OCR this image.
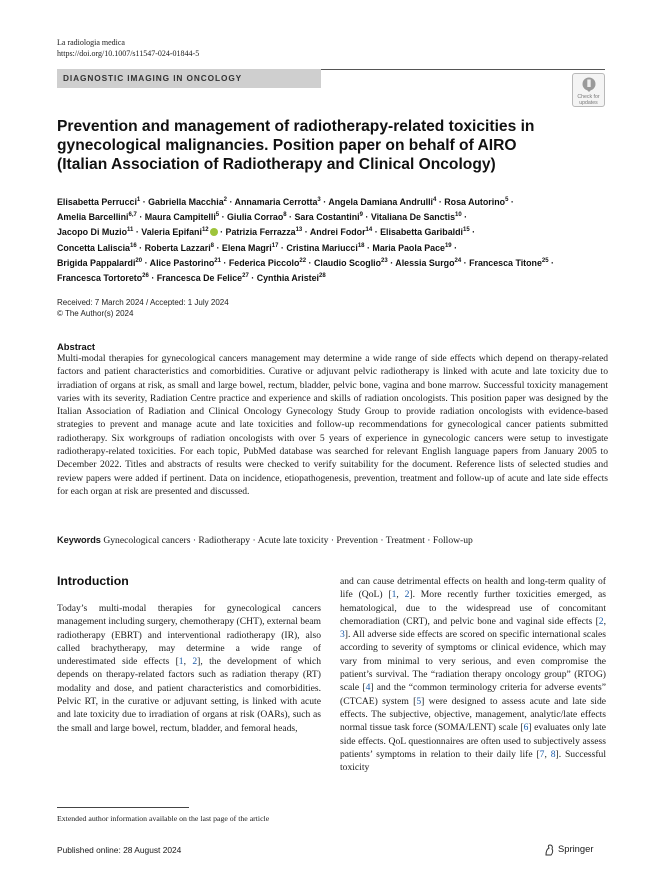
La radiologia medica
https://doi.org/10.1007/s11547-024-01844-5
DIAGNOSTIC IMAGING IN ONCOLOGY
Check for
updates
Prevention and management of radiotherapy-related toxicities in gynecological malignancies. Position paper on behalf of AIRO (Italian Association of Radiotherapy and Clinical Oncology)
Elisabetta Perrucci$^1$ · Gabriella Macchia$^2$ · Annamaria Cerrotta$^3$ · Angela Damiana Andrulli$^4$ · Rosa Autorino$^5$ ·
Amelia Barcellini$^{6,7}$ · Maura Campitelli$^5$ · Giulia Corrao$^8$ · Sara Costantini$^9$ · Vitaliana De Sanctis$^{10}$ ·
Jacopo Di Muzio$^{11}$ · Valeria Epifani$^{12}$ · Patrizia Ferrazza$^{13}$ · Andrei Fodor$^{14}$ · Elisabetta Garibaldi$^{15}$ ·
Concetta Laliscia$^{16}$ · Roberta Lazzari$^8$ · Elena Magri$^{17}$ · Cristina Mariucci$^{18}$ · Maria Paola Pace$^{19}$ ·
Brigida Pappalardi$^{20}$ · Alice Pastorino$^{21}$ · Federica Piccolo$^{22}$ · Claudio Scoglio$^{23}$ · Alessia Surgo$^{24}$ · Francesca Titone$^{25}$ ·
Francesca Tortoreto$^{26}$ · Francesca De Felice$^{27}$ · Cynthia Aristei$^{28}$
Received: 7 March 2024 / Accepted: 1 July 2024
© The Author(s) 2024
Abstract

Multi-modal therapies for gynecological cancers management may determine a wide range of side effects which depend on therapy-related factors and patient characteristics and comorbidities. Curative or adjuvant pelvic radiotherapy is linked with acute and late toxicity due to irradiation of organs at risk, as small and large bowel, rectum, bladder, pelvic bone, vagina and bone marrow. Successful toxicity management varies with its severity, Radiation Centre practice and experience and skills of radiation oncologists. This position paper was designed by the Italian Association of Radiation and Clinical Oncology Gynecology Study Group to provide radiation oncologists with evidence-based strategies to prevent and manage acute and late toxicities and follow-up recommendations for gynecological cancer patients submitted radiotherapy. Six workgroups of radiation oncologists with over 5 years of experience in gynecologic cancers were setup to investigate radiotherapy-related toxicities. For each topic, PubMed database was searched for relevant English language papers from January 2005 to December 2022. Titles and abstracts of results were checked to verify suitability for the document. Reference lists of selected studies and review papers were added if pertinent. Data on incidence, etiopathogenesis, prevention, treatment and follow-up of acute and late side effects for each organ at risk are presented and discussed.

Keywords Gynecological cancers · Radiotherapy · Acute late toxicity · Prevention · Treatment · Follow-up
Introduction

Today’s multi-modal therapies for gynecological cancers management including surgery, chemotherapy (CHT), external beam radiotherapy (EBRT) and interventional radiotherapy (IR), also called brachytherapy, may determine a wide range of underestimated side effects [1, 2], the development of which depends on therapy-related factors such as radiation therapy (RT) modality and dose, and patient characteristics and comorbidities. Pelvic RT, in the curative or adjuvant setting, is linked with acute and late toxicity due to irradiation of organs at risk (OARs), such as the small and large bowel, rectum, bladder, and femoral heads,

and can cause detrimental effects on health and long-term quality of life (QoL) [1, 2]. More recently further toxicities emerged, as hematological, due to the widespread use of concomitant chemoradiation (CRT), and pelvic bone and vaginal side effects [2, 3]. All adverse side effects are scored on specific international scales according to severity of symptoms or clinical evidence, which may vary from minimal to very serious, and even compromise the patient’s survival. The “radiation therapy oncology group” (RTOG) scale [4] and the “common terminology criteria for adverse events” (CTCAE) system [5] were designed to assess acute and late side effects. The subjective, objective, management, analytic/late effects normal tissue task force (SOMA/LENT) scale [6] evaluates only late side effects. QoL questionnaires are often used to subjectively assess patients’ symptoms in relation to their daily life [7, 8]. Successful toxicity

Extended author information available on the last page of the article
Published online: 28 August 2024	Springer
